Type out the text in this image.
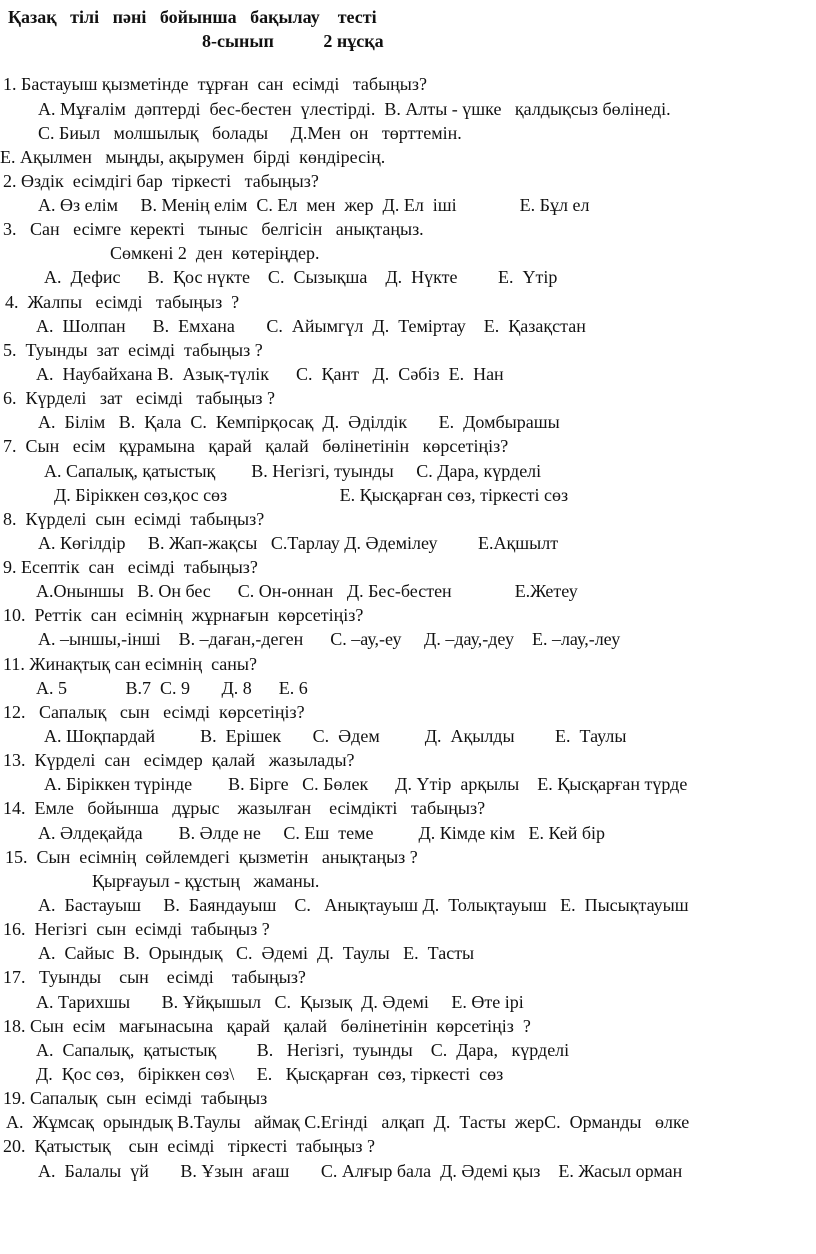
Қазақ   тілі   пәні   бойынша   бақылау    тесті
8-сынып           2 нұсқа
1. Бастауыш қызметінде  тұрған  сан  есімді   табыңыз?
А. Мұғалім  дәптерді  бес-бестен  үлестірді.  В. Алты - үшке   қалдықсыз бөлінеді.
С. Биыл   молшылық   болады     Д.Мен  он   төрттемін.
Е. Ақылмен   мыңды, ақырумен  бірді  көндіресің.
2. Өздік  есімдігі бар  тіркесті   табыңыз?
А. Өз елім     В. Менің елім  С. Ел  мен  жер  Д. Ел  іші              Е. Бұл ел
3.   Сан   есімге  керекті   тыныс   белгісін   анықтаңыз.
Сөмкені 2  ден  көтеріңдер.
А.  Дефис      В.  Қос нүкте    С.  Сызықша    Д.  Нүкте         Е.  Үтір
4.  Жалпы   есімді   табыңыз  ?
А.  Шолпан      В.  Емхана       С.  Айымгүл  Д.  Теміртау    Е.  Қазақстан
5.  Туынды  зат  есімді  табыңыз ?
А.  Наубайхана В.  Азық-түлік      С.  Қант   Д.  Сәбіз  Е.  Нан
6.  Күрделі   зат   есімді   табыңыз ?
А.  Білім   В.  Қала  С.  Кемпірқосақ  Д.  Әділдік       Е.  Домбырашы
7.  Сын   есім   құрамына   қарай   қалай   бөлінетінін   көрсетіңіз?
А. Сапалық, қатыстық        В. Негізгі, туынды     С. Дара, күрделі
Д. Біріккен сөз,қос сөз                         Е. Қысқарған сөз, тіркесті сөз
8.  Күрделі  сын  есімді  табыңыз?
А. Көгілдір     В. Жап-жақсы   С.Тарлау Д. Әдемілеу         Е.Ақшылт
9. Есептік  сан   есімді  табыңыз?
А.Оныншы   В. Он бес      С. Он-оннан   Д. Бес-бестен              Е.Жетеу
10.  Реттік  сан  есімнің  жұрнағын  көрсетіңіз?
А. –ыншы,-інші    В. –даған,-деген      С. –ау,-еу     Д. –дау,-деу    Е. –лау,-леу
11. Жинақтық сан есімнің  саны?
А. 5             В.7  С. 9       Д. 8      Е. 6
12.   Сапалық   сын   есімді  көрсетіңіз?
А. Шоқпардай          В.  Ерішек       С.  Әдем          Д.  Ақылды         Е.  Таулы
13.  Күрделі  сан   есімдер  қалай   жазылады?
А. Біріккен түрінде        В. Бірге   С. Бөлек      Д. Үтір  арқылы    Е. Қысқарған түрде
14.  Емле   бойынша   дұрыс    жазылған    есімдікті   табыңыз?
А. Әлдеқайда        В. Әлде не     С. Еш  теме          Д. Кімде кім   Е. Кей бір
15.  Сын  есімнің  сөйлемдегі  қызметін   анықтаңыз ?
Қырғауыл - құстың   жаманы.
А.  Бастауыш     В.  Баяндауыш    С.   Анықтауыш Д.  Толықтауыш   Е.  Пысықтауыш
16.  Негізгі  сын  есімді  табыңыз ?
А.  Сайыс  В.  Орындық   С.  Әдемі  Д.  Таулы   Е.  Тасты
17.   Туынды    сын    есімді    табыңыз?
А. Тарихшы       В. Ұйқышыл   С.  Қызық  Д. Әдемі     Е. Өте ірі
18. Сын  есім   мағынасына   қарай   қалай   бөлінетінін  көрсетіңіз  ?
А.  Сапалық,  қатыстық         В.   Негізгі,  туынды    С.  Дара,   күрделі
Д.  Қос сөз,   біріккен сөз\     Е.   Қысқарған  сөз, тіркесті  сөз
19. Сапалық  сын  есімді  табыңыз
А.  Жұмсақ  орындық В.Таулы   аймақ С.Егінді   алқап  Д.  Тасты  жерС.  Орманды   өлке
20.  Қатыстық    сын  есімді   тіркесті  табыңыз ?
А.  Балалы  үй       В. Ұзын  ағаш       С. Алғыр бала  Д. Әдемі қыз    Е. Жасыл орман
